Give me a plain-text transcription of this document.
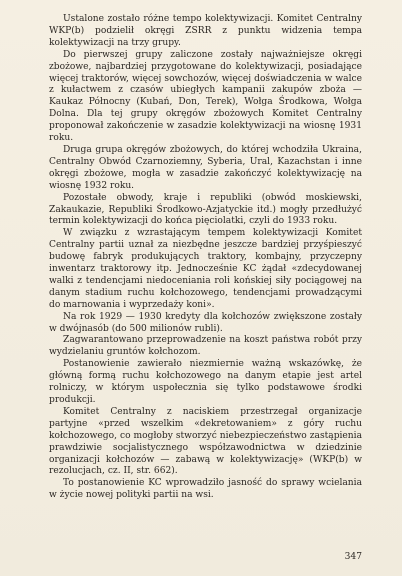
Ustalone zostało różne tempo kolektywizacji. Komitet Centralny WKP(b) podzielił okręgi ZSRR z punktu widzenia tempa kolektywizacji na trzy grupy.

Do pierwszej grupy zaliczone zostały najważniejsze okręgi zbożowe, najbardziej przygotowane do kolektywizacji, posiadające więcej traktorów, więcej sowchozów, więcej doświadczenia w walce z kułactwem z czasów ubiegłych kampanii zakupów zboża — Kaukaz Północny (Kubań, Don, Terek), Wołga Środkowa, Wołga Dolna. Dla tej grupy okręgów zbożowych Komitet Centralny proponował zakończenie w zasadzie kolektywizacji na wiosnę 1931 roku.

Druga grupa okręgów zbożowych, do której wchodziła Ukraina, Centralny Obwód Czarnoziemny, Syberia, Ural, Kazachstan i inne okręgi zbożowe, mogła w zasadzie zakończyć kolektywizację na wiosnę 1932 roku.

Pozostałe obwody, kraje i republiki (obwód moskiewski, Zakaukazie, Republiki Środkowo-Azjatyckie itd.) mogły przedłużyć termin kolektywizacji do końca pięciolatki, czyli do 1933 roku.

W związku z wzrastającym tempem kolektywizacji Komitet Centralny partii uznał za niezbędne jeszcze bardziej przyśpieszyć budowę fabryk produkujących traktory, kombajny, przyczepny inwentarz traktorowy itp. Jednocześnie KC żądał «zdecydowanej walki z tendencjami niedoceniania roli końskiej siły pociągowej na danym stadium ruchu kołchozowego, tendencjami prowadzącymi do marnowania i wyprzedaży koni».

Na rok 1929 — 1930 kredyty dla kołchozów zwiększone zostały w dwójnasób (do 500 milionów rubli).

Zagwarantowano przeprowadzenie na koszt państwa robót przy wydzielaniu gruntów kołchozom.

Postanowienie zawierało niezmiernie ważną wskazówkę, że główną formą ruchu kołchozowego na danym etapie jest artel rolniczy, w którym uspołecznia się tylko podstawowe środki produkcji.

Komitet Centralny z naciskiem przestrzegał organizacje partyjne «przed wszelkim «dekretowaniem» z góry ruchu kołchozowego, co mogłoby stworzyć niebezpieczeństwo zastąpienia prawdziwie socjalistycznego współzawodnictwa w dziedzinie organizacji kołchozów — zabawą w kolektywizację» (WKP(b) w rezolucjach, cz. II, str. 662).

To postanowienie KC wprowadziło jasność do sprawy wcielania w życie nowej polityki partii na wsi.

347
